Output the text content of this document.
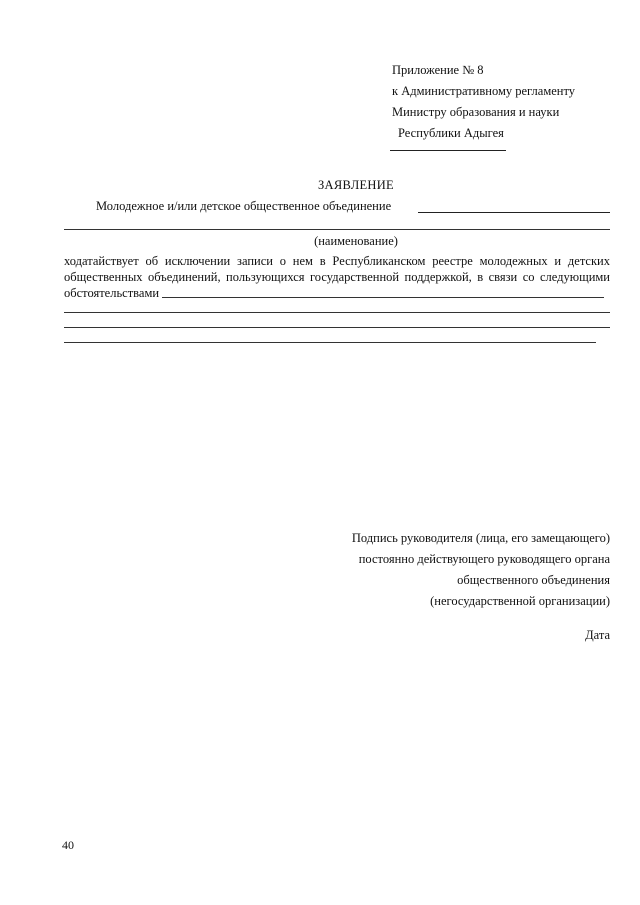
Приложение № 8
к Административному регламенту
Министру образования и науки
Республики Адыгея
ЗАЯВЛЕНИЕ
Молодежное и/или детское общественное объединение
(наименование)
ходатайствует об исключении записи о нем в Республиканском реестре молодежных и детских
общественных объединений, пользующихся государственной поддержкой, в связи со следующими
обстоятельствами
Подпись руководителя (лица, его замещающего)
постоянно действующего руководящего органа
общественного объединения
(негосударственной организации)
Дата
40
